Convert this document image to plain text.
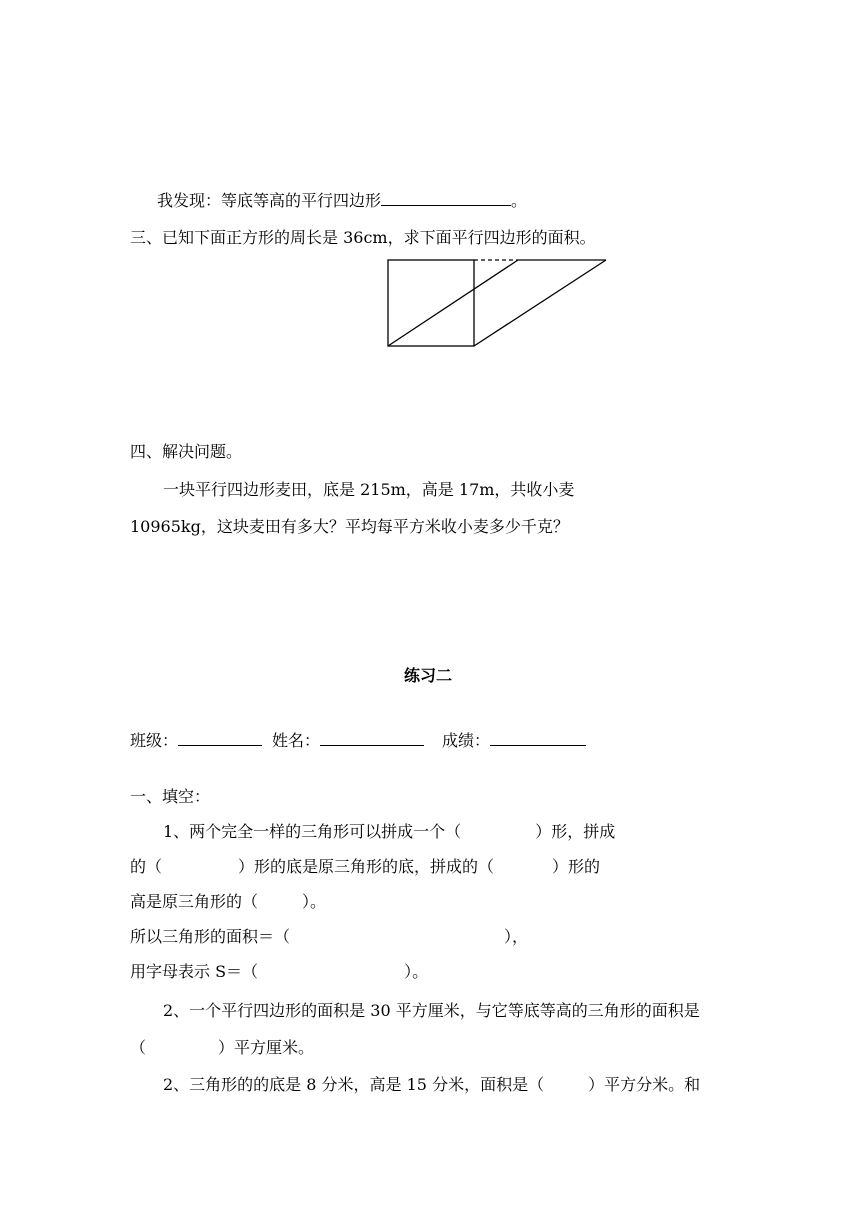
我发现：等底等高的平行四边形	。
三、已知下面正方形的周长是 36cm，求下面平行四边形的面积。
四、解决问题。
一块平行四边形麦田，底是 215m，高是 17m，共收小麦
10965kg，这块麦田有多大？平均每平方米收小麦多少千克？
练习二
班级：	姓名：	成绩：
一、填空：
1、两个完全一样的三角形可以拼成一个（	）形，拼成
的（	）形的底是原三角形的底，拼成的（	）形的
高是原三角形的（	）。
所以三角形的面积＝（	），
用字母表示 S＝（	）。
2、一个平行四边形的面积是 30 平方厘米，与它等底等高的三角形的面积是
（	）平方厘米。
2、三角形的的底是 8 分米，高是 15 分米，面积是（	）平方分米。和
